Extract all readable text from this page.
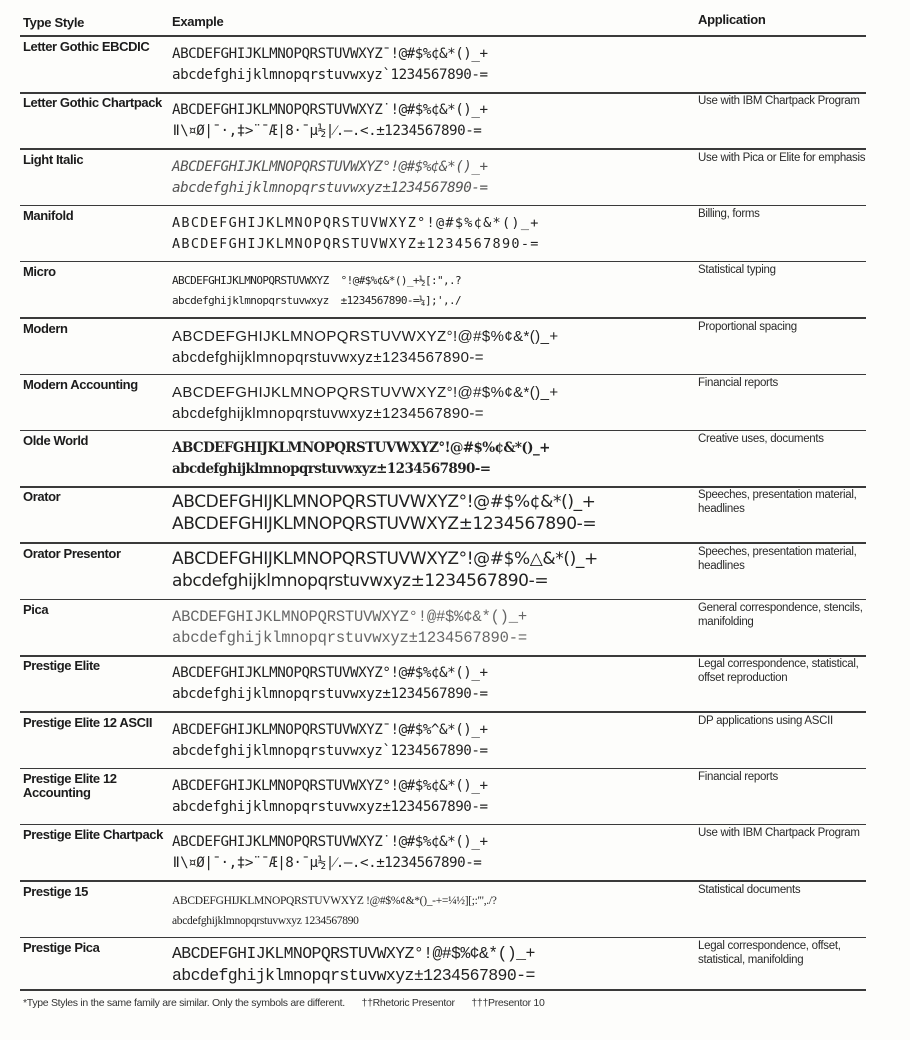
Type Style	Example	Application
Letter Gothic EBCDIC	ABCDEFGHIJKLMNOPQRSTUVWXYZ¯!@#$%¢&*()_+
abcdefghijklmnopqrstuvwxyz`1234567890-=
Letter Gothic Chartpack ABCDEFGHIJKLMNOPQRSTUVWXYZ˙!@#$%¢&*()_+
ǁ\¤Ø|¯·,‡>¨¯Æ|8·¯µ½|⁄.–.<.±1234567890-=
Use with IBM Chartpack Program
Light Italic	ABCDEFGHIJKLMNOPQRSTUVWXYZ°!@#$%¢&*()_+
abcdefghijklmnopqrstuvwxyz±1234567890-=
Use with Pica or Elite for emphasis
Manifold	ABCDEFGHIJKLMNOPQRSTUVWXYZ°!@#$%¢&*()_+
ABCDEFGHIJKLMNOPQRSTUVWXYZ±1234567890-=
Billing, forms
Micro
ABCDEFGHIJKLMNOPQRSTUVWXYZ  °!@#$%¢&*()_+½[:",.?
abcdefghijklmnopqrstuvwxyz  ±1234567890-=¼];',./
Statistical typing
Modern	ABCDEFGHIJKLMNOPQRSTUVWXYZ°!@#$%¢&*()_+
abcdefghijklmnopqrstuvwxyz±1234567890-=
Proportional spacing
Modern Accounting	ABCDEFGHIJKLMNOPQRSTUVWXYZ°!@#$%¢&*()_+
abcdefghijklmnopqrstuvwxyz±1234567890-=
Financial reports
Olde World	ABCDEFGHIJKLMNOPQRSTUVWXYZ°!@#$%¢&*()_+
abcdefghijklmnopqrstuvwxyz±1234567890-=
Creative uses, documents
Orator	ABCDEFGHIJKLMNOPQRSTUVWXYZ°!@#$%¢&*()_+
ABCDEFGHIJKLMNOPQRSTUVWXYZ±1234567890-=
Speeches, presentation material, headlines
Orator Presentor	ABCDEFGHIJKLMNOPQRSTUVWXYZ°!@#$%△&*()_+
abcdefghijklmnopqrstuvwxyz±1234567890-=
Speeches, presentation material, headlines
Pica	ABCDEFGHIJKLMNOPQRSTUVWXYZ°!@#$%¢&*()_+
abcdefghijklmnopqrstuvwxyz±1234567890-=
General correspondence, stencils, manifolding
Prestige Elite	ABCDEFGHIJKLMNOPQRSTUVWXYZ°!@#$%¢&*()_+
abcdefghijklmnopqrstuvwxyz±1234567890-=
Legal correspondence, statistical, offset reproduction
Prestige Elite 12 ASCII	ABCDEFGHIJKLMNOPQRSTUVWXYZ¯!@#$%^&*()_+
abcdefghijklmnopqrstuvwxyz`1234567890-=
DP applications using ASCII
Prestige Elite 12 Accounting	ABCDEFGHIJKLMNOPQRSTUVWXYZ°!@#$%¢&*()_+
abcdefghijklmnopqrstuvwxyz±1234567890-=
Financial reports
Prestige Elite Chartpack ABCDEFGHIJKLMNOPQRSTUVWXYZ˙!@#$%¢&*()_+
ǁ\¤Ø|¯·,‡>¨¯Æ|8·¯µ½|⁄.–.<.±1234567890-=
Use with IBM Chartpack Program
Prestige 15
ABCDEFGHIJKLMNOPQRSTUVWXYZ !@#$%¢&*()_-+=¼½][;:'",./?
abcdefghijklmnopqrstuvwxyz 1234567890
Statistical documents
Prestige Pica	ABCDEFGHIJKLMNOPQRSTUVWXYZ°!@#$%¢&*()_+
abcdefghijklmnopqrstuvwxyz±1234567890-=
Legal correspondence, offset, statistical, manifolding
*Type Styles in the same family are similar. Only the symbols are different. ††Rhetoric Presentor †††Presentor 10
